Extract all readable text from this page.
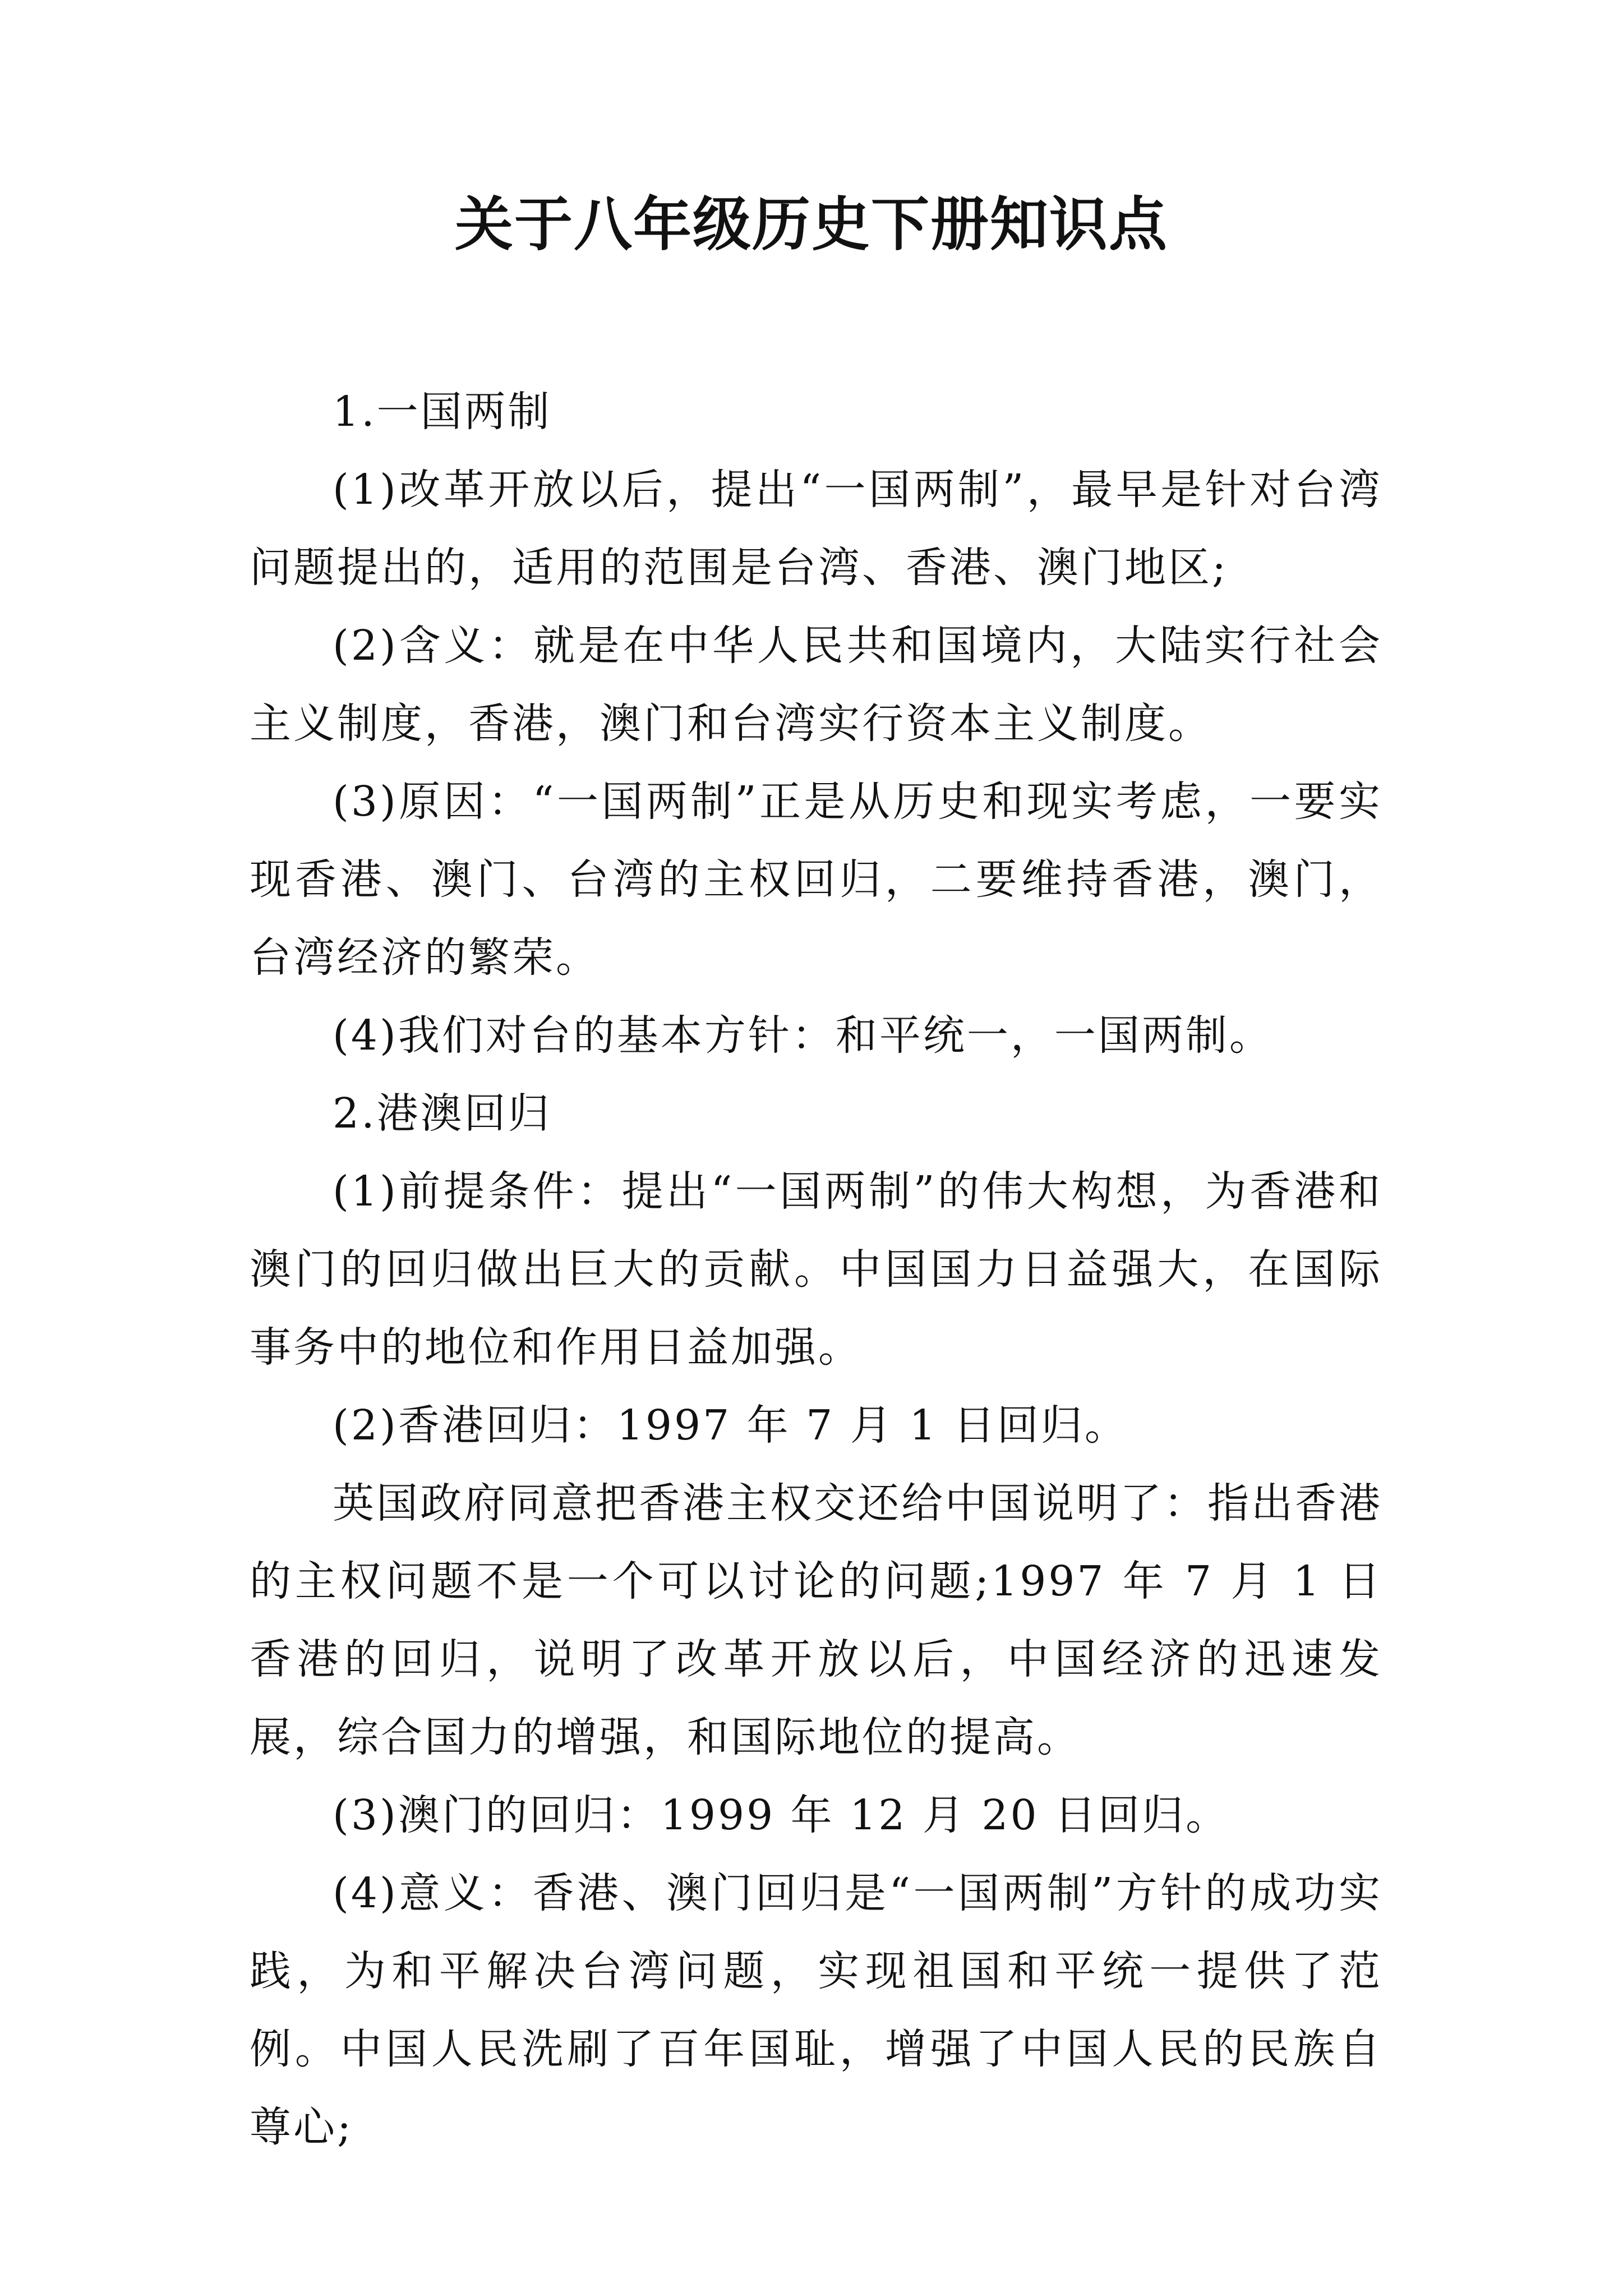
关于八年级历史下册知识点

1.一国两制

(1)改革开放以后，提出“一国两制”，最早是针对台湾问题提出的，适用的范围是台湾、香港、澳门地区;

(2)含义：就是在中华人民共和国境内，大陆实行社会主义制度，香港，澳门和台湾实行资本主义制度。

(3)原因：“一国两制”正是从历史和现实考虑，一要实现香港、澳门、台湾的主权回归，二要维持香港，澳门，台湾经济的繁荣。

(4)我们对台的基本方针：和平统一，一国两制。

2.港澳回归

(1)前提条件：提出“一国两制”的伟大构想，为香港和澳门的回归做出巨大的贡献。中国国力日益强大，在国际事务中的地位和作用日益加强。

(2)香港回归：1997 年 7 月 1 日回归。

英国政府同意把香港主权交还给中国说明了：指出香港的主权问题不是一个可以讨论的问题;1997 年 7 月 1 日香港的回归，说明了改革开放以后，中国经济的迅速发展，综合国力的增强，和国际地位的提高。

(3)澳门的回归：1999 年 12 月 20 日回归。

(4)意义：香港、澳门回归是“一国两制”方针的成功实践，为和平解决台湾问题，实现祖国和平统一提供了范例。中国人民洗刷了百年国耻，增强了中国人民的民族自尊心;
